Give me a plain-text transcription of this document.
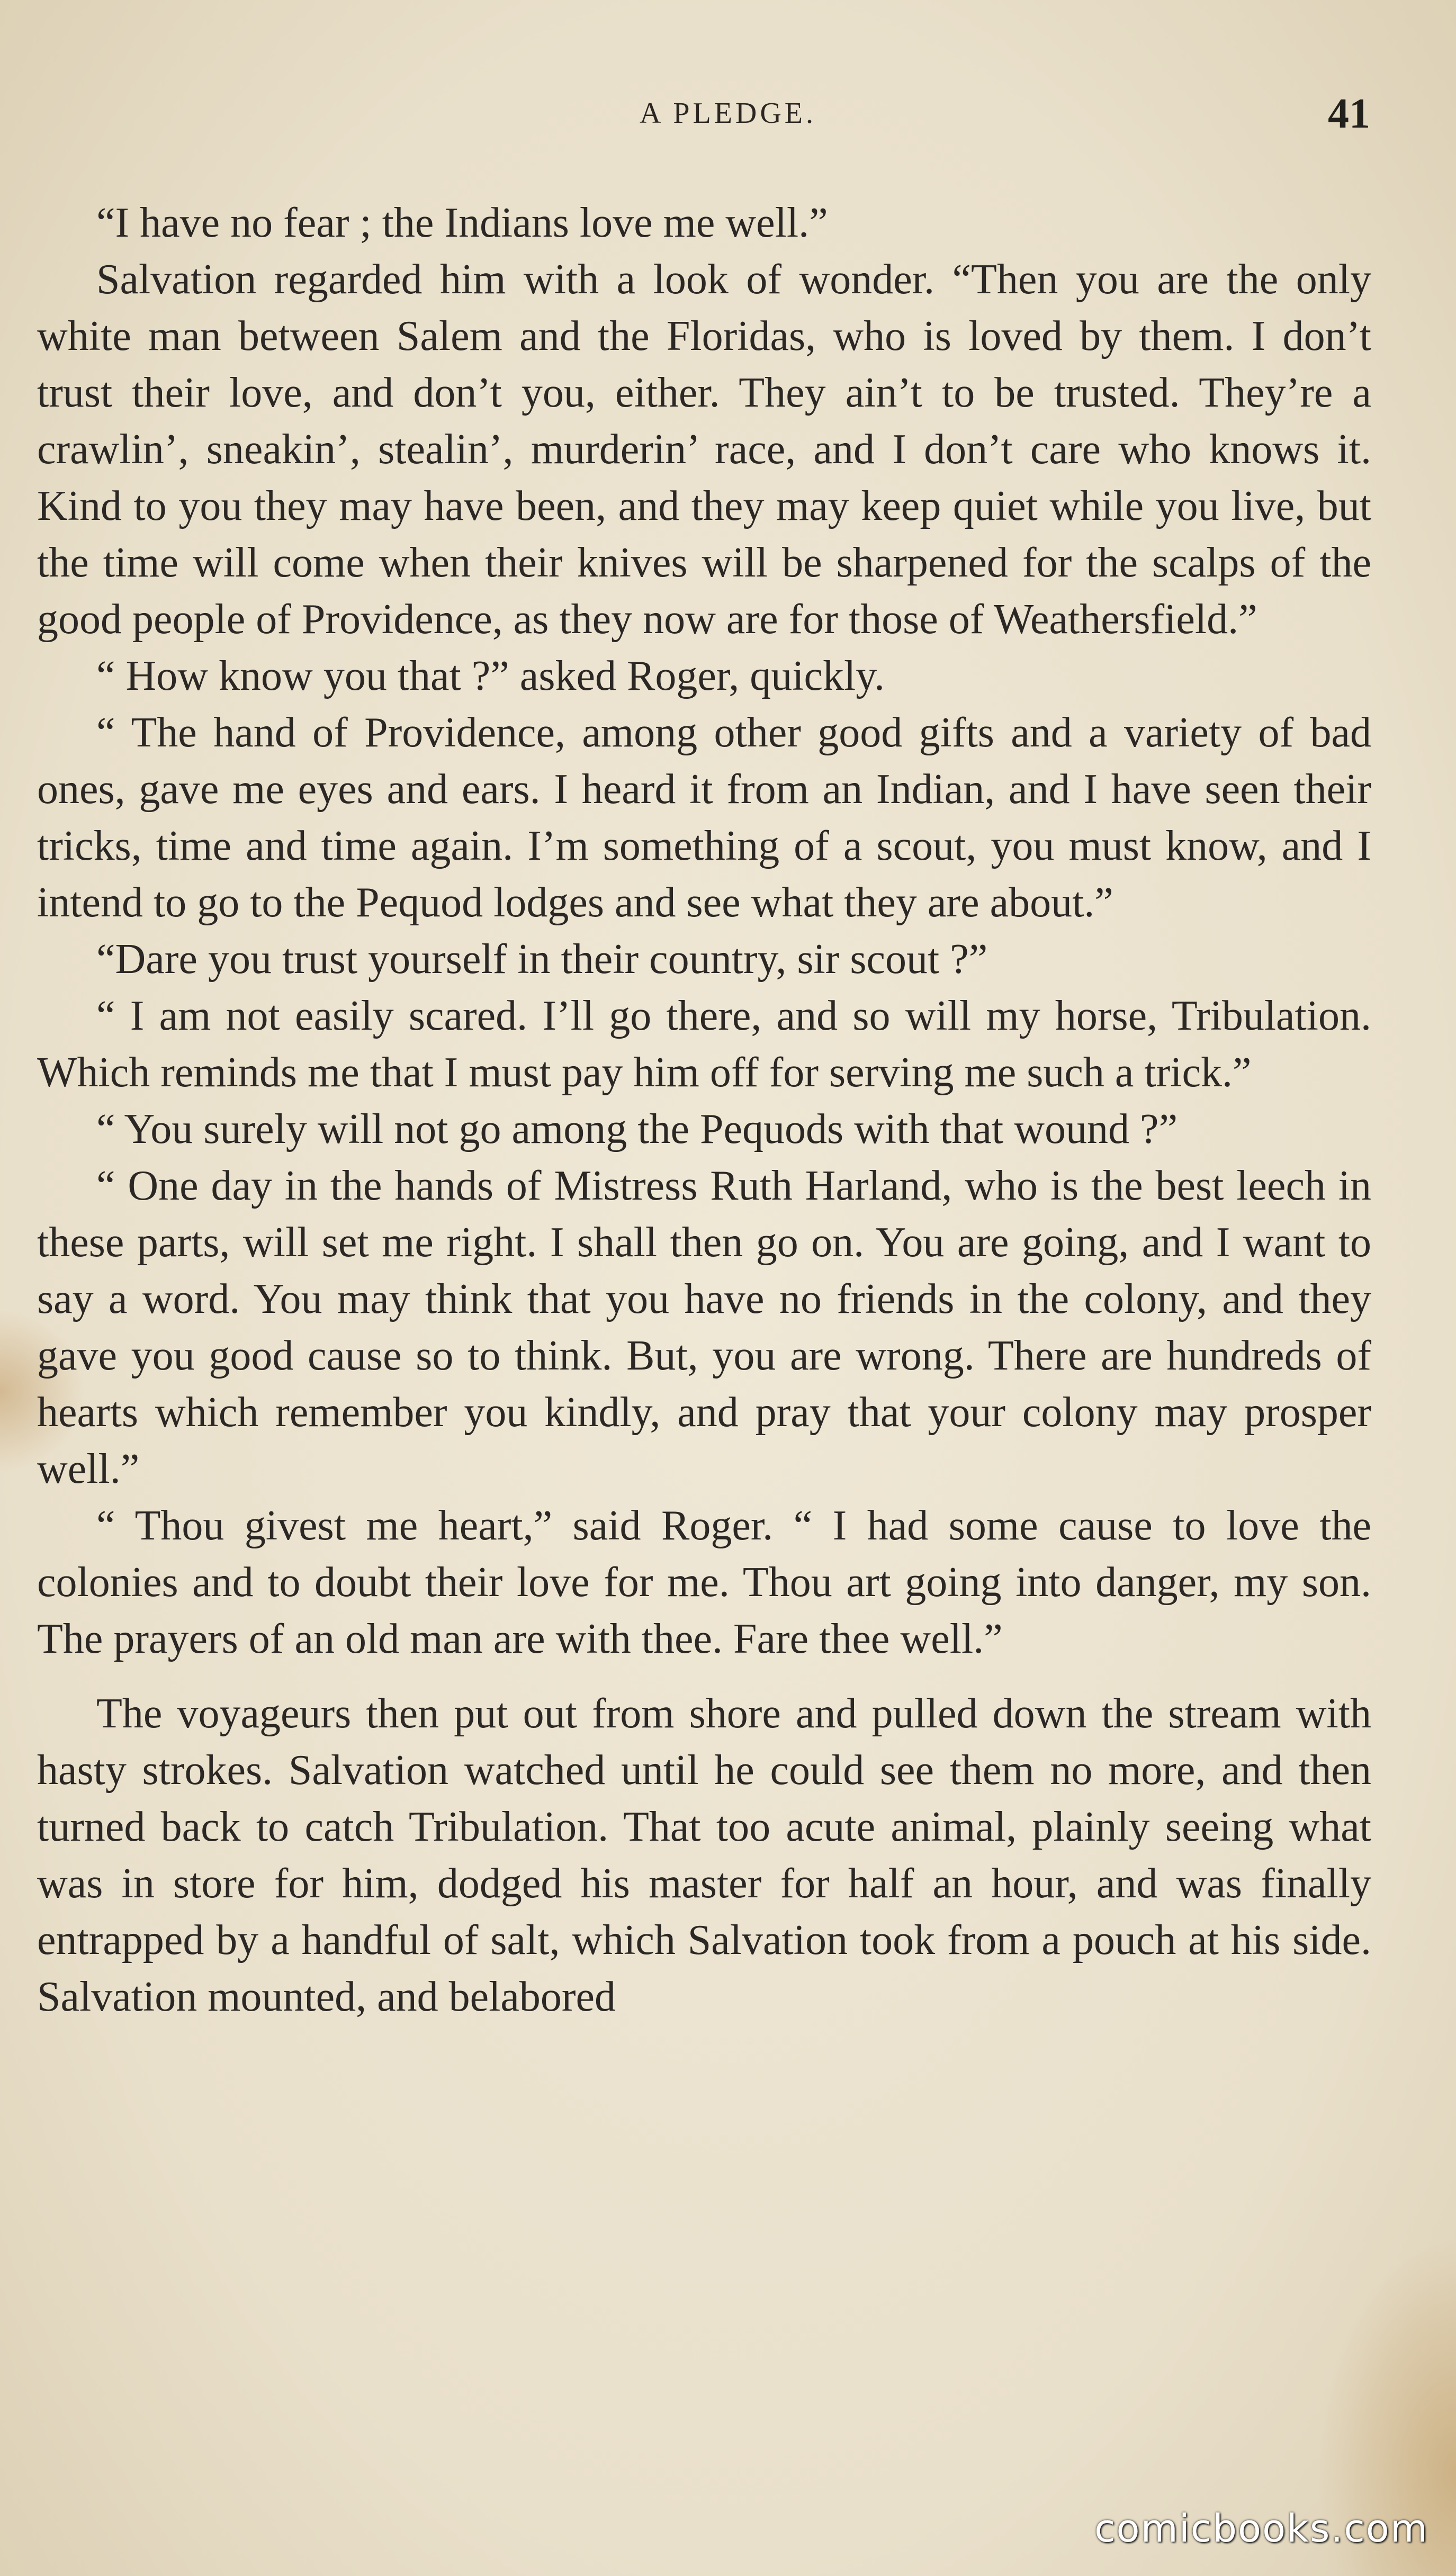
A PLEDGE.	41

“I have no fear ; the Indians love me well.”

Salvation regarded him with a look of wonder. “Then you are the only white man between Salem and the Floridas, who is loved by them. I don’t trust their love, and don’t you, either. They ain’t to be trusted. They’re a crawlin’, sneakin’, stealin’, murderin’ race, and I don’t care who knows it. Kind to you they may have been, and they may keep quiet while you live, but the time will come when their knives will be sharpened for the scalps of the good people of Providence, as they now are for those of Weathersfield.”

“ How know you that ?” asked Roger, quickly.

“ The hand of Providence, among other good gifts and a variety of bad ones, gave me eyes and ears. I heard it from an Indian, and I have seen their tricks, time and time again. I’m something of a scout, you must know, and I intend to go to the Pequod lodges and see what they are about.”

“Dare you trust yourself in their country, sir scout ?”

“ I am not easily scared. I’ll go there, and so will my horse, Tribulation. Which reminds me that I must pay him off for serving me such a trick.”

“ You surely will not go among the Pequods with that wound ?”

“ One day in the hands of Mistress Ruth Harland, who is the best leech in these parts, will set me right. I shall then go on. You are going, and I want to say a word. You may think that you have no friends in the colony, and they gave you good cause so to think. But, you are wrong. There are hundreds of hearts which remember you kindly, and pray that your colony may prosper well.”

“ Thou givest me heart,” said Roger. “ I had some cause to love the colonies and to doubt their love for me. Thou art going into danger, my son. The prayers of an old man are with thee. Fare thee well.”

The voyageurs then put out from shore and pulled down the stream with hasty strokes. Salvation watched until he could see them no more, and then turned back to catch Tribulation. That too acute animal, plainly seeing what was in store for him, dodged his master for half an hour, and was finally entrapped by a handful of salt, which Salvation took from a pouch at his side. Salvation mounted, and belabored

comicbooks.com
